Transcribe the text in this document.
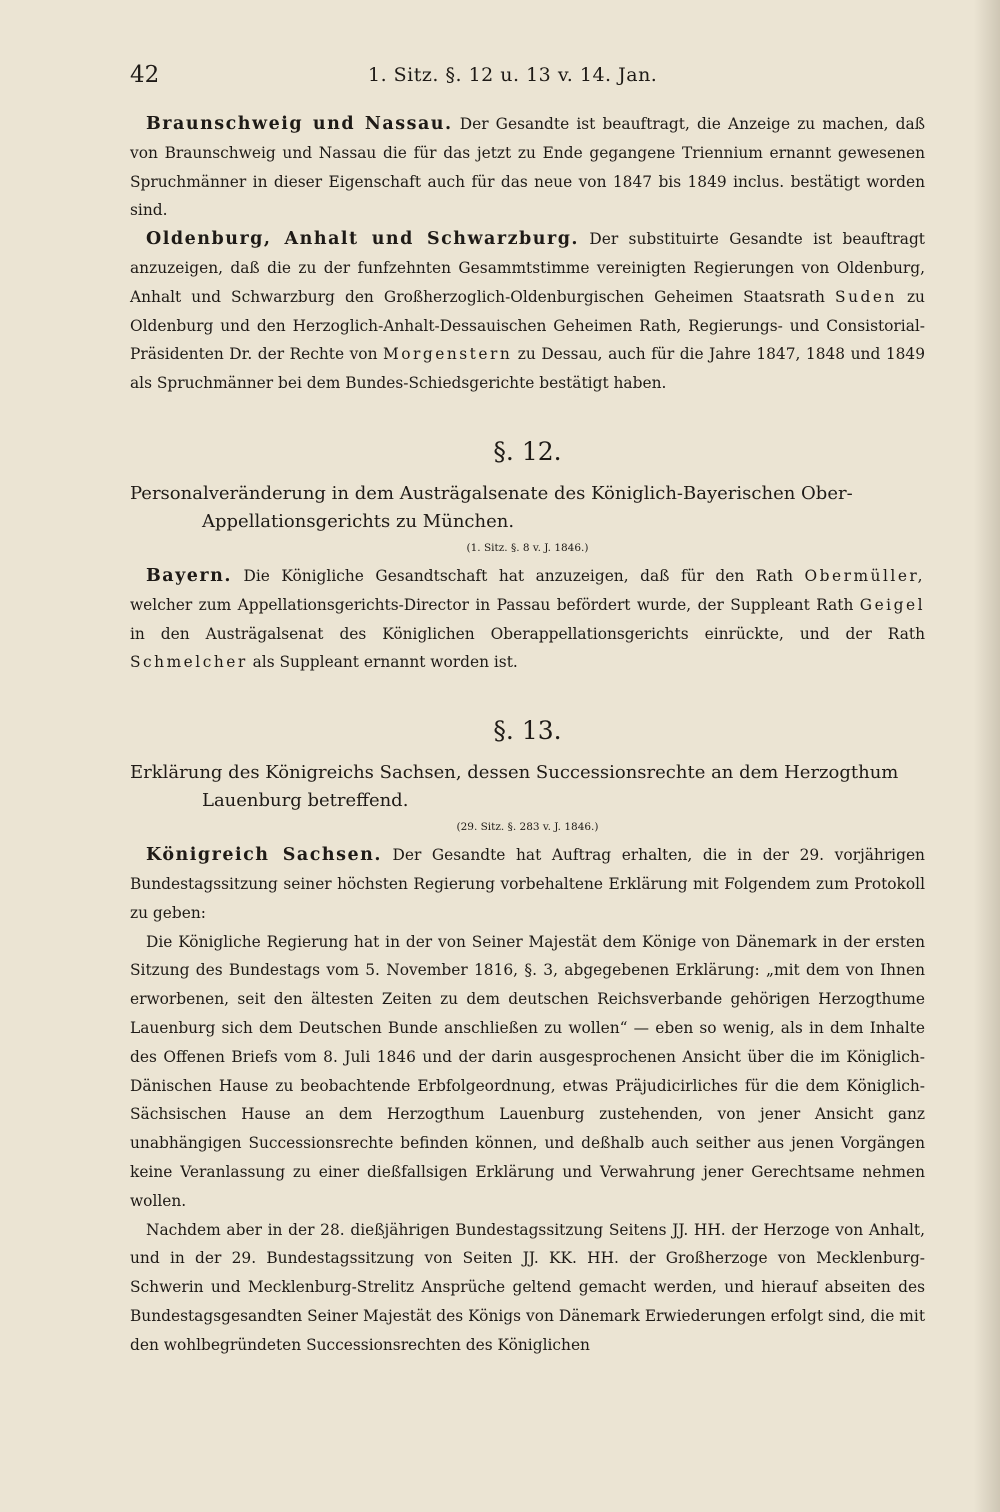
42	1. Sitz. §. 12 u. 13 v. 14. Jan.

Braunschweig und Nassau. Der Gesandte ist beauftragt, die Anzeige zu machen, daß von Braunschweig und Nassau die für das jetzt zu Ende gegangene Triennium ernannt gewesenen Spruchmänner in dieser Eigenschaft auch für das neue von 1847 bis 1849 inclus. bestätigt worden sind.

Oldenburg, Anhalt und Schwarzburg. Der substituirte Gesandte ist beauftragt anzuzeigen, daß die zu der funfzehnten Gesammtstimme vereinigten Regierungen von Oldenburg, Anhalt und Schwarzburg den Großherzoglich-Oldenburgischen Geheimen Staatsrath Suden zu Oldenburg und den Herzoglich-Anhalt-Dessauischen Geheimen Rath, Regierungs- und Consistorial-Präsidenten Dr. der Rechte von Morgenstern zu Dessau, auch für die Jahre 1847, 1848 und 1849 als Spruchmänner bei dem Bundes-Schiedsgerichte bestätigt haben.

§. 12.

Personalveränderung in dem Austrägalsenate des Königlich-Bayerischen Ober-Appellationsgerichts zu München.

(1. Sitz. §. 8 v. J. 1846.)

Bayern. Die Königliche Gesandtschaft hat anzuzeigen, daß für den Rath Obermüller, welcher zum Appellationsgerichts-Director in Passau befördert wurde, der Suppleant Rath Geigel in den Austrägalsenat des Königlichen Oberappellationsgerichts einrückte, und der Rath Schmelcher als Suppleant ernannt worden ist.

§. 13.

Erklärung des Königreichs Sachsen, dessen Successionsrechte an dem Herzogthum Lauenburg betreffend.

(29. Sitz. §. 283 v. J. 1846.)

Königreich Sachsen. Der Gesandte hat Auftrag erhalten, die in der 29. vorjährigen Bundestagssitzung seiner höchsten Regierung vorbehaltene Erklärung mit Folgendem zum Protokoll zu geben:

Die Königliche Regierung hat in der von Seiner Majestät dem Könige von Dänemark in der ersten Sitzung des Bundestags vom 5. November 1816, §. 3, abgegebenen Erklärung: „mit dem von Ihnen erworbenen, seit den ältesten Zeiten zu dem deutschen Reichsverbande gehörigen Herzogthume Lauenburg sich dem Deutschen Bunde anschließen zu wollen“ — eben so wenig, als in dem Inhalte des Offenen Briefs vom 8. Juli 1846 und der darin ausgesprochenen Ansicht über die im Königlich-Dänischen Hause zu beobachtende Erbfolgeordnung, etwas Präjudicirliches für die dem Königlich-Sächsischen Hause an dem Herzogthum Lauenburg zustehenden, von jener Ansicht ganz unabhängigen Successionsrechte befinden können, und deßhalb auch seither aus jenen Vorgängen keine Veranlassung zu einer dießfallsigen Erklärung und Verwahrung jener Gerechtsame nehmen wollen.

Nachdem aber in der 28. dießjährigen Bundestagssitzung Seitens JJ. HH. der Herzoge von Anhalt, und in der 29. Bundestagssitzung von Seiten JJ. KK. HH. der Großherzoge von Mecklenburg-Schwerin und Mecklenburg-Strelitz Ansprüche geltend gemacht werden, und hierauf abseiten des Bundestagsgesandten Seiner Majestät des Königs von Dänemark Erwiederungen erfolgt sind, die mit den wohlbegründeten Successionsrechten des Königlichen
